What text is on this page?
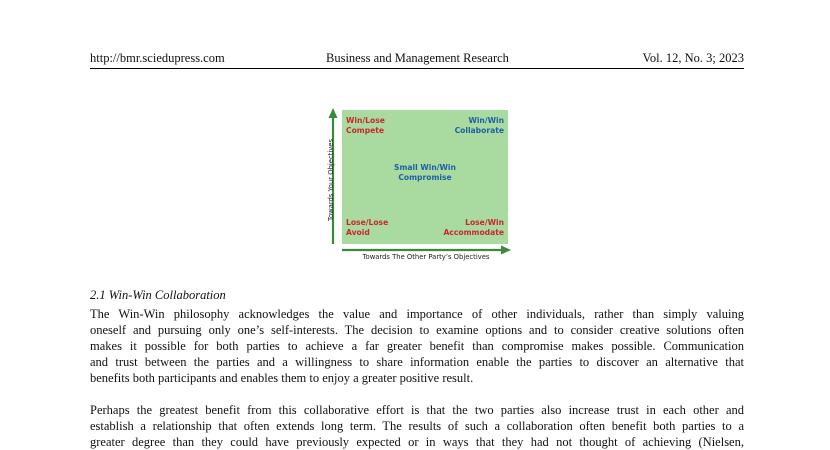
http://bmr.sciedupress.com	Business and Management Research	Vol. 12, No. 3; 2023
Win/Lose
Compete
Win/Win
Collaborate
Small Win/Win
Compromise
Lose/Lose
Avoid
Lose/Win
Accommodate
Towards Your Objectives
Towards The Other Party’s Objectives
2.1 Win-Win Collaboration
The Win-Win philosophy acknowledges the value and importance of other individuals, rather than simply valuing
oneself and pursuing only one’s self-interests. The decision to examine options and to consider creative solutions often
makes it possible for both parties to achieve a far greater benefit than compromise makes possible. Communication
and trust between the parties and a willingness to share information enable the parties to discover an alternative that
benefits both participants and enables them to enjoy a greater positive result.
Perhaps the greatest benefit from this collaborative effort is that the two parties also increase trust in each other and
establish a relationship that often extends long term. The results of such a collaboration often benefit both parties to a
greater degree than they could have previously expected or in ways that they had not thought of achieving (Nielsen,
